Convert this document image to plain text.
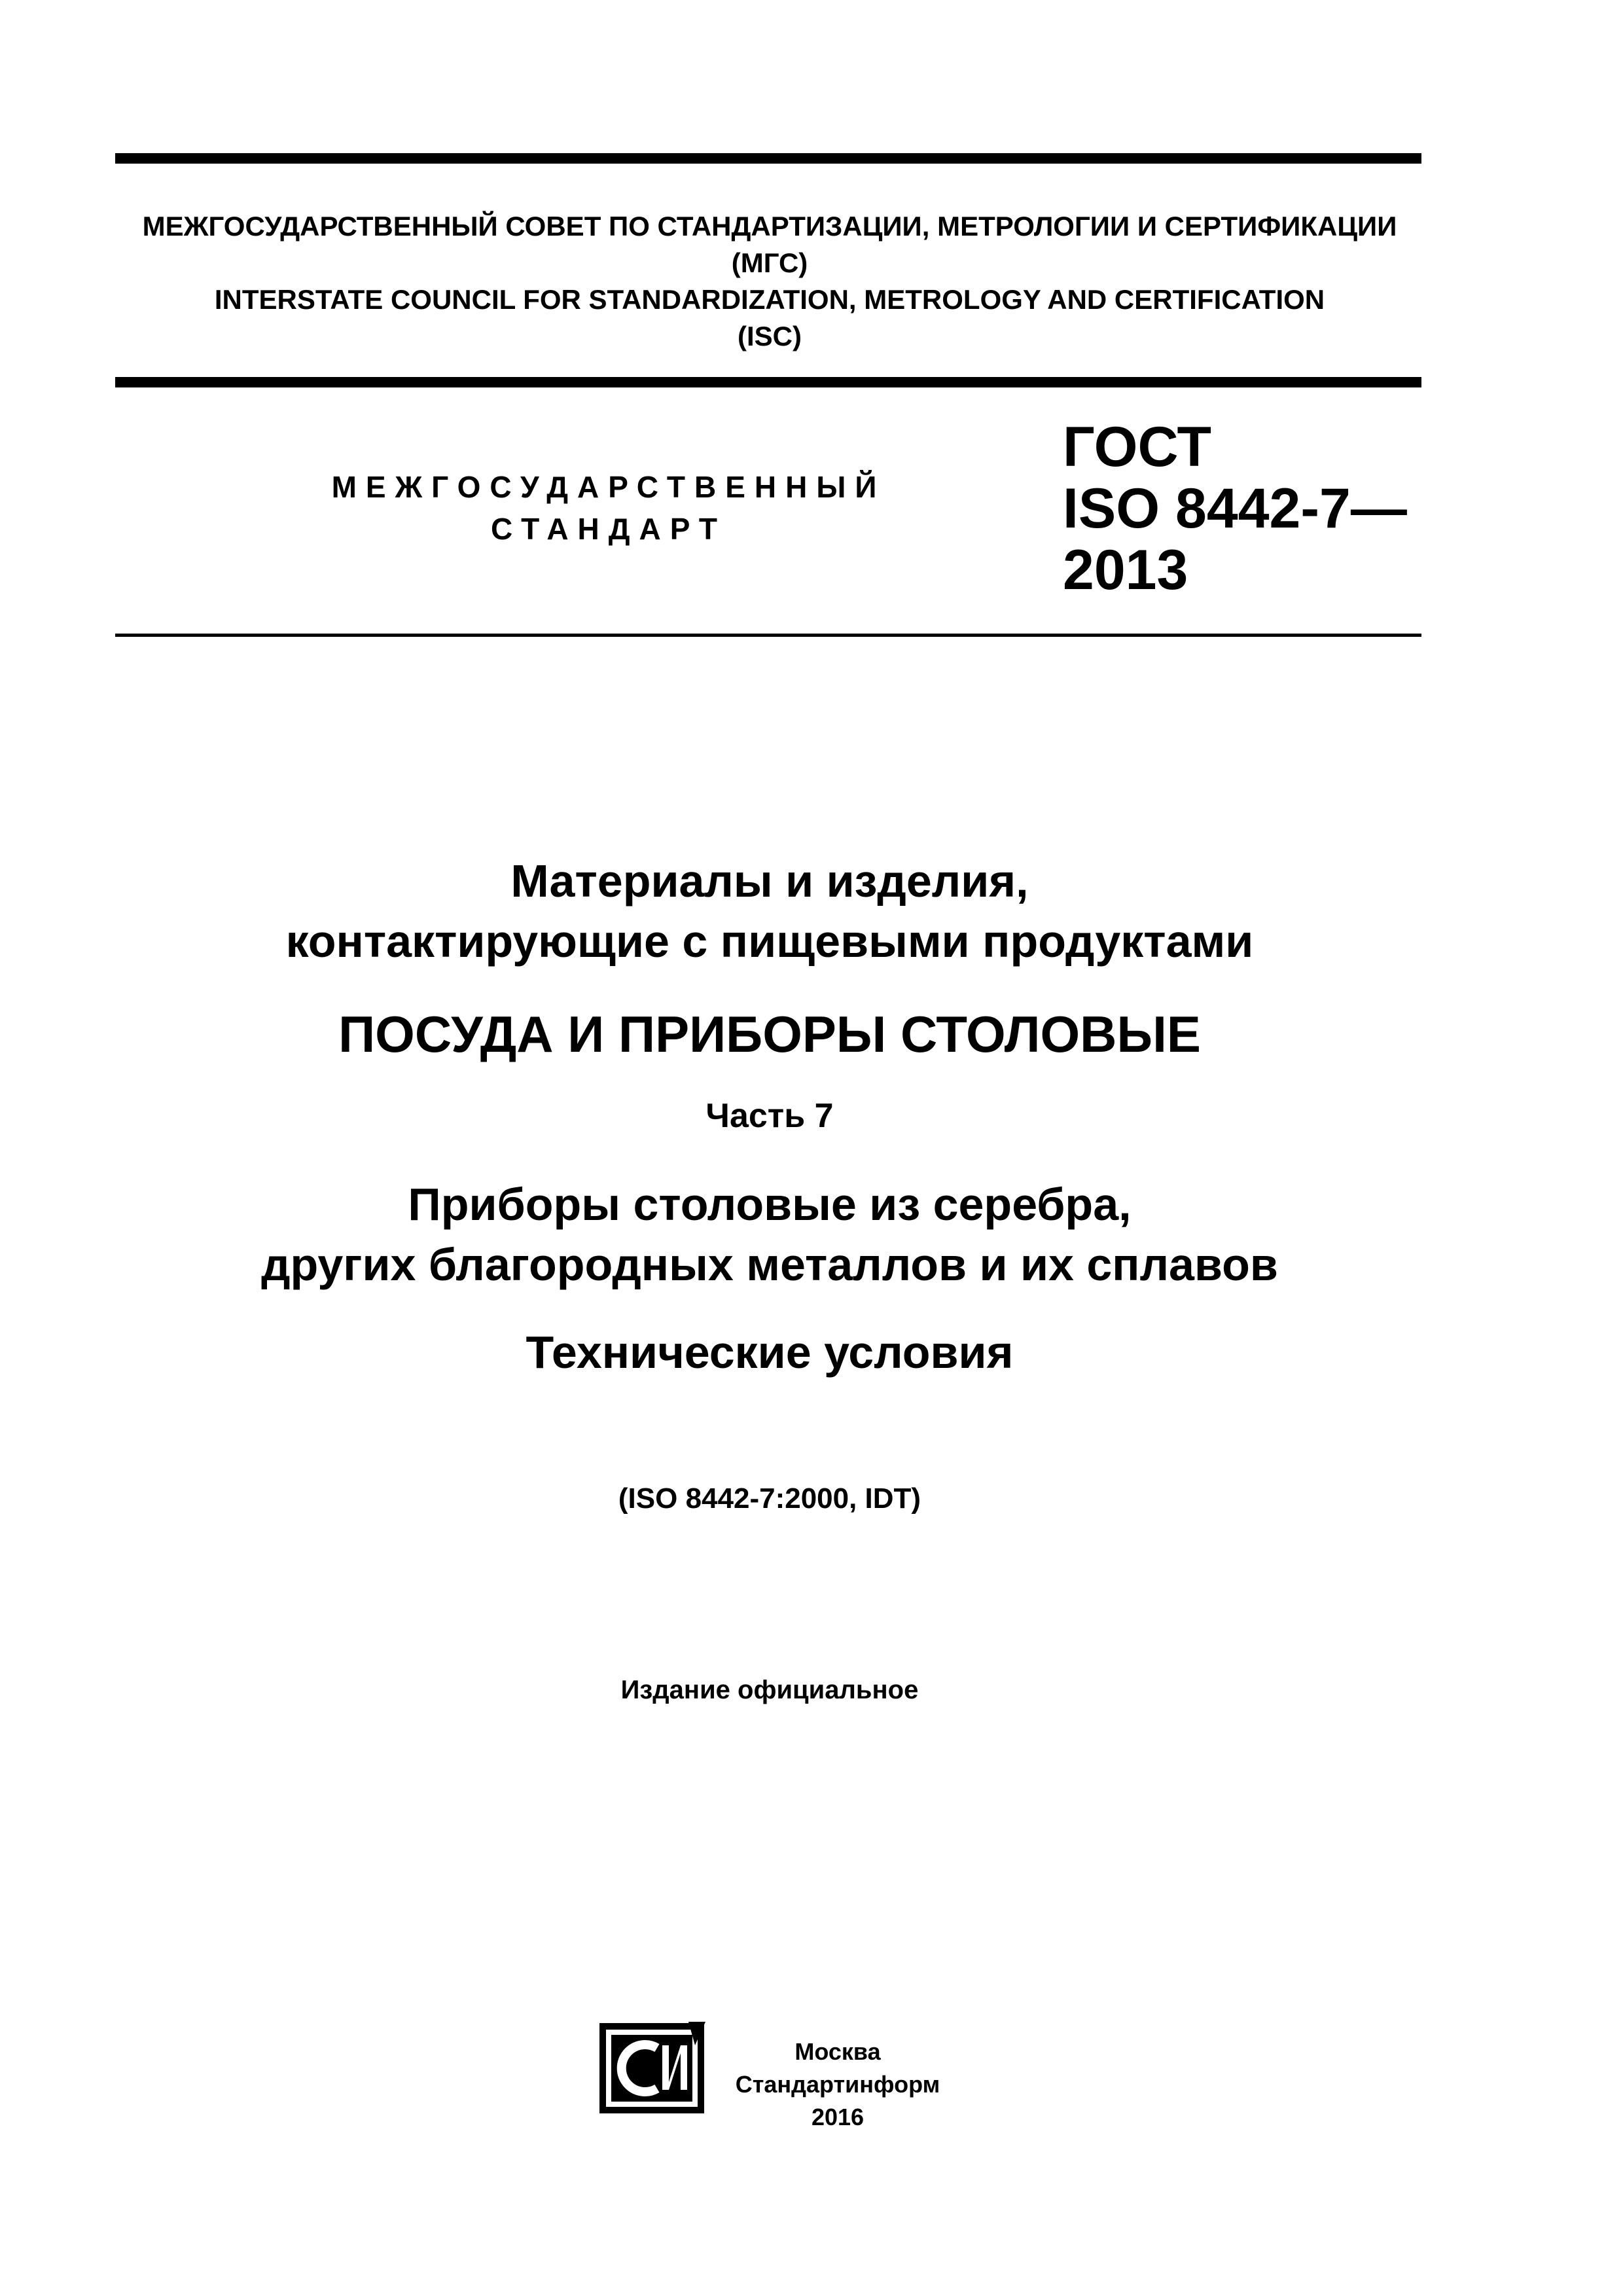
МЕЖГОСУДАРСТВЕННЫЙ СОВЕТ ПО СТАНДАРТИЗАЦИИ, МЕТРОЛОГИИ И СЕРТИФИКАЦИИ
(МГС)
INTERSTATE COUNCIL FOR STANDARDIZATION, METROLOGY AND CERTIFICATION
(ISC)
МЕЖГОСУДАРСТВЕННЫЙ
СТАНДАРТ
ГОСТ
ISO 8442-7—
2013
Материалы и изделия,
контактирующие с пищевыми продуктами
ПОСУДА И ПРИБОРЫ СТОЛОВЫЕ
Часть 7
Приборы столовые из серебра,
других благородных металлов и их сплавов
Технические условия
(ISO 8442-7:2000, IDT)
Издание официальное
Москва
Стандартинформ
2016
